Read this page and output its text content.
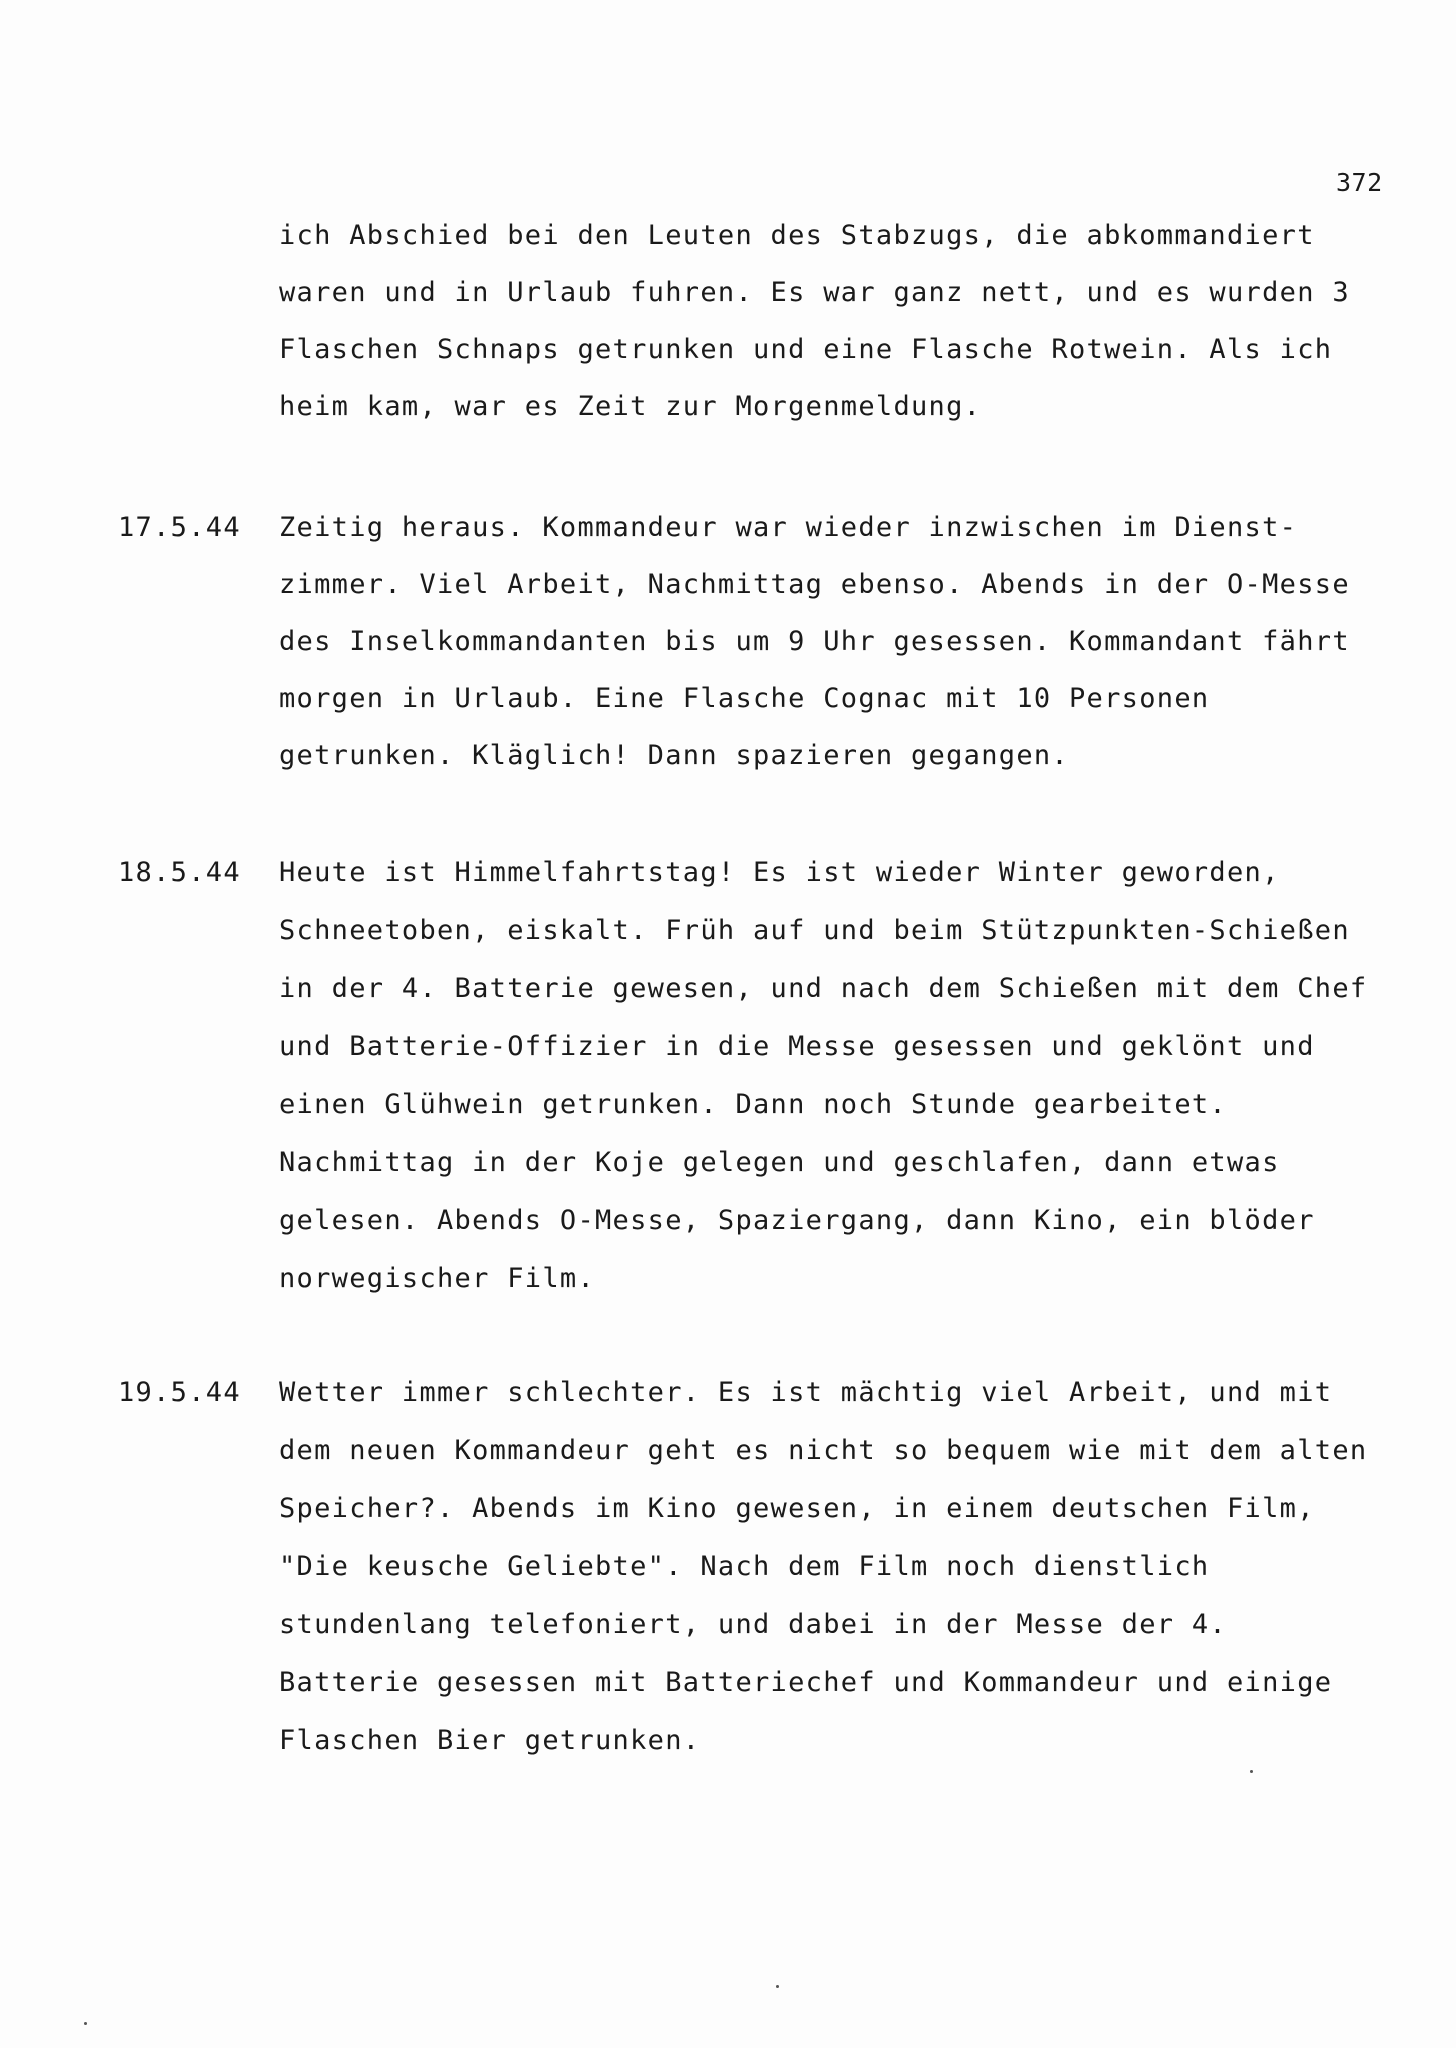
372
ich Abschied bei den Leuten des Stabzugs, die abkommandiert
waren und in Urlaub fuhren. Es war ganz nett, und es wurden 3
Flaschen Schnaps getrunken und eine Flasche Rotwein. Als ich
heim kam, war es Zeit zur Morgenmeldung.
17.5.44 Zeitig heraus. Kommandeur war wieder inzwischen im Dienst-
zimmer. Viel Arbeit, Nachmittag ebenso. Abends in der O-Messe
des Inselkommandanten bis um 9 Uhr gesessen. Kommandant fährt
morgen in Urlaub. Eine Flasche Cognac mit 10 Personen
getrunken. Kläglich! Dann spazieren gegangen.
18.5.44 Heute ist Himmelfahrtstag! Es ist wieder Winter geworden,
Schneetoben, eiskalt. Früh auf und beim Stützpunkten-Schießen
in der 4. Batterie gewesen, und nach dem Schießen mit dem Chef
und Batterie-Offizier in die Messe gesessen und geklönt und
einen Glühwein getrunken. Dann noch Stunde gearbeitet.
Nachmittag in der Koje gelegen und geschlafen, dann etwas
gelesen. Abends O-Messe, Spaziergang, dann Kino, ein blöder
norwegischer Film.
19.5.44 Wetter immer schlechter. Es ist mächtig viel Arbeit, und mit
dem neuen Kommandeur geht es nicht so bequem wie mit dem alten
Speicher?. Abends im Kino gewesen, in einem deutschen Film,
"Die keusche Geliebte". Nach dem Film noch dienstlich
stundenlang telefoniert, und dabei in der Messe der 4.
Batterie gesessen mit Batteriechef und Kommandeur und einige
Flaschen Bier getrunken.
